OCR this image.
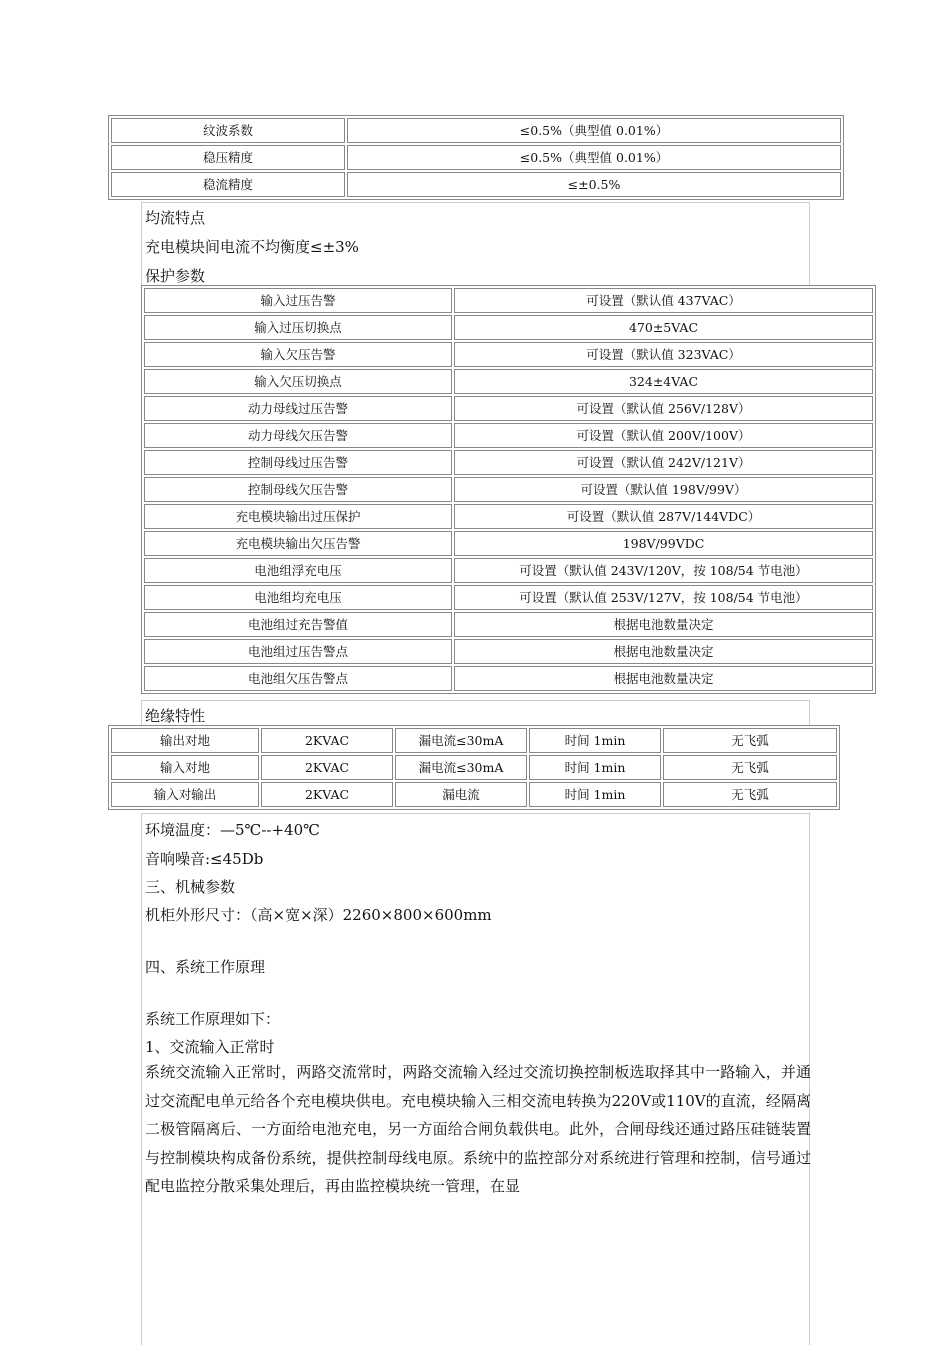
纹波系数	≤0.5%（典型值 0.01%）
稳压精度	≤0.5%（典型值 0.01%）
稳流精度	≤±0.5%
均流特点
充电模块间电流不均衡度≤±3%
保护参数
输入过压告警	可设置（默认值 437VAC）
输入过压切换点	470±5VAC
输入欠压告警	可设置（默认值 323VAC）
输入欠压切换点	324±4VAC
动力母线过压告警	可设置（默认值 256V/128V）
动力母线欠压告警	可设置（默认值 200V/100V）
控制母线过压告警	可设置（默认值 242V/121V）
控制母线欠压告警	可设置（默认值 198V/99V）
充电模块输出过压保护	可设置（默认值 287V/144VDC）
充电模块输出欠压告警	198V/99VDC
电池组浮充电压	可设置（默认值 243V/120V，按 108/54 节电池）
电池组均充电压	可设置（默认值 253V/127V，按 108/54 节电池）
电池组过充告警值	根据电池数量决定
电池组过压告警点	根据电池数量决定
电池组欠压告警点	根据电池数量决定
绝缘特性
输出对地	2KVAC	漏电流≤30mA	时间 1min	无飞弧
输入对地	2KVAC	漏电流≤30mA	时间 1min	无飞弧
输入对输出	2KVAC	漏电流	时间 1min	无飞弧
环境温度：—5℃--+40℃
音响噪音:≤45Db
三、机械参数
机柜外形尺寸：（高×宽×深）2260×800×600mm
四、系统工作原理
系统工作原理如下：
1、交流输入正常时
系统交流输入正常时，两路交流常时，两路交流输入经过交流切换控制板选取择其中一路输入，并通过交流配电单元给各个充电模块供电。充电模块输入三相交流电转换为220V或110V的直流，经隔离二极管隔离后、一方面给电池充电，另一方面给合闸负载供电。此外，合闸母线还通过路压硅链装置与控制模块构成备份系统，提供控制母线电原。系统中的监控部分对系统进行管理和控制，信号通过配电监控分散采集处理后，再由监控模块统一管理，在显
